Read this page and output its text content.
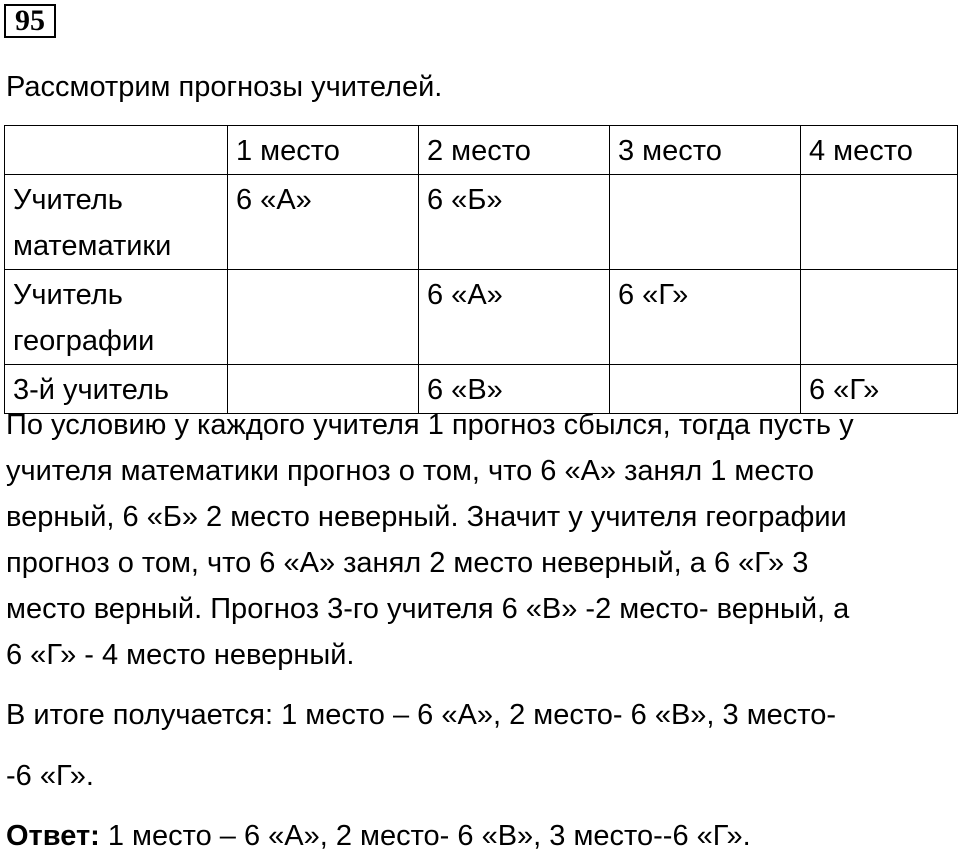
95
Рассмотрим прогнозы учителей.
	1 место	2 место	3 место	4 место
Учитель математики	6 «А»	6 «Б»		
Учитель географии		6 «А»	6 «Г»	
3-й учитель		6 «В»		6 «Г»
По условию у каждого учителя 1 прогноз сбылся, тогда пусть у
учителя математики прогноз о том, что 6 «А» занял 1 место
верный, 6 «Б» 2 место неверный. Значит у учителя географии
прогноз о том, что 6 «А» занял 2 место неверный, а 6 «Г» 3
место верный. Прогноз 3-го учителя 6 «В» -2 место- верный, а
6 «Г» - 4 место неверный.
В итоге получается: 1 место – 6 «А», 2 место- 6 «В», 3 место-
-6 «Г».
Ответ: 1 место – 6 «А», 2 место- 6 «В», 3 место--6 «Г».
